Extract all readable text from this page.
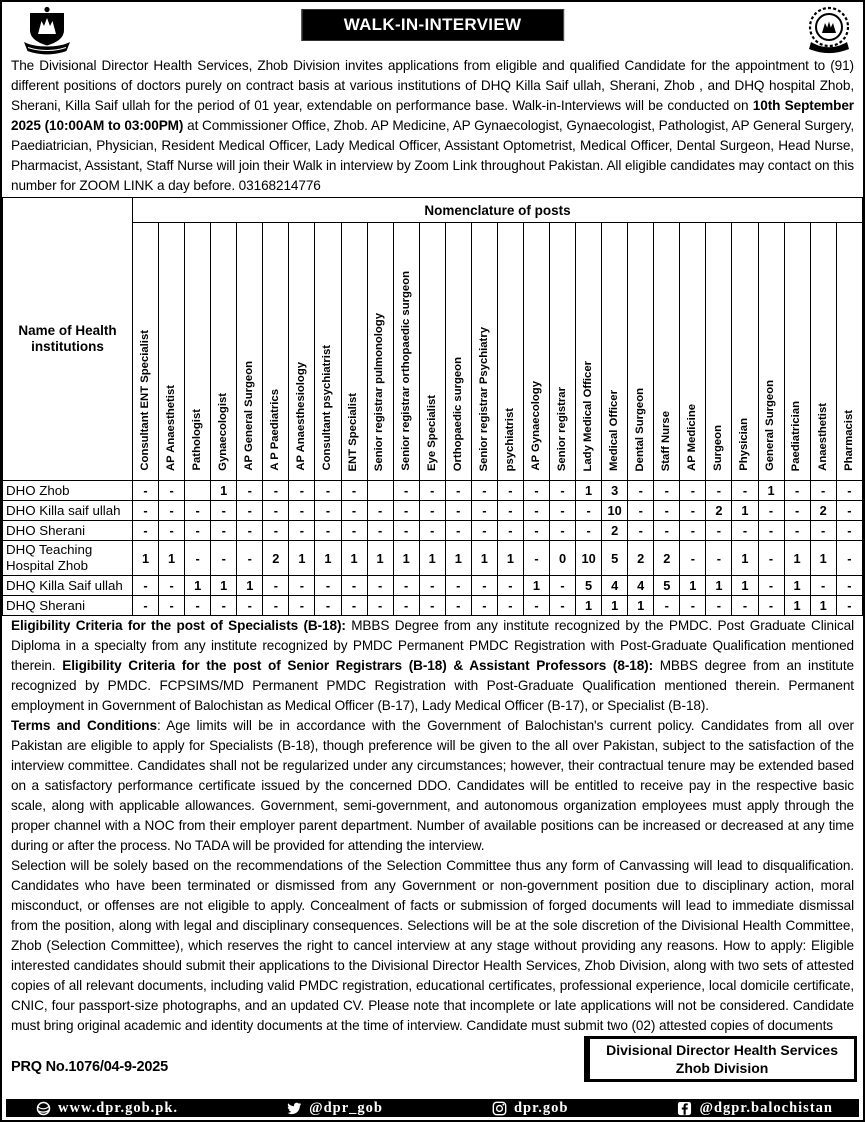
WALK-IN-INTERVIEW

The Divisional Director Health Services, Zhob Division invites applications from eligible and qualified Candidate for the appointment to (91) different positions of doctors purely on contract basis at various institutions of DHQ Killa Saif ullah, Sherani, Zhob , and DHQ hospital Zhob, Sherani, Killa Saif ullah for the period of 01 year, extendable on performance base. Walk-in-Interviews will be conducted on 10th September 2025 (10:00AM to 03:00PM) at Commissioner Office, Zhob. AP Medicine, AP Gynaecologist, Gynaecologist, Pathologist, AP General Surgery, Paediatrician, Physician, Resident Medical Officer, Lady Medical Officer, Assistant Optometrist, Medical Officer, Dental Surgeon, Head Nurse, Pharmacist, Assistant, Staff Nurse will join their Walk in interview by Zoom Link throughout Pakistan. All eligible candidates may contact on this number for ZOOM LINK a day before. 03168214776

Name of Health institutions	Nomenclature of posts																											
	Consultant ENT Specialist	AP Anaesthetist	Pathologist	Gynaecologist	AP General Surgeon	A P Paediatrics	AP Anaesthesiology	Consultant psychiatrist	ENT Specialist	Senior registrar pulmonology	Senior registrar orthopaedic surgeon	Eye Specialist	Orthopaedic surgeon	Senior registrar Psychiatry	psychiatrist	AP Gynaecology	Senior registrar	Lady Medical Officer	Medical Officer	Dental Surgeon	Staff Nurse	AP Medicine	Surgeon	Physician	General Surgeon	Paediatrician	Anaesthetist	Pharmacist
DHO Zhob	-	-		1	-	-	-	-	-		-	-	-	-	-	-	-	1	3	-	-	-	-	-	1	-	-	-
DHO Killa saif ullah	-	-	-	-	-	-	-	-	-	-	-	-	-	-	-	-	-	-	10	-	-	-	2	1	-	-	2	-
DHO Sherani	-	-	-	-	-	-	-	-	-	-	-	-	-	-	-	-	-	-	2	-	-	-	-	-	-	-	-	-
DHQ Teaching Hospital Zhob	1	1	-	-	-	2	1	1	1	1	1	1	1	1	1	-	0	10	5	2	2	-	-	1	-	1	1	-
DHQ Killa Saif ullah	-	-	1	1	1	-	-	-	-	-	-	-	-	-	-	1	-	5	4	4	5	1	1	1	-	1	-	-
DHQ Sherani	-	-	-	-	-	-	-	-	-	-	-	-	-	-	-	-	-	1	1	1	-	-	-	-	-	1	1	-
Eligibility Criteria for the post of Specialists (B-18): MBBS Degree from any institute recognized by the PMDC. Post Graduate Clinical Diploma in a specialty from any institute recognized by PMDC Permanent PMDC Registration with Post-Graduate Qualification mentioned therein. Eligibility Criteria for the post of Senior Registrars (B-18) & Assistant Professors (8-18): MBBS degree from an institute recognized by PMDC. FCPSIMS/MD Permanent PMDC Registration with Post-Graduate Qualification mentioned therein. Permanent employment in Government of Balochistan as Medical Officer (B-17), Lady Medical Officer (B-17), or Specialist (B-18).
Terms and Conditions: Age limits will be in accordance with the Government of Balochistan's current policy. Candidates from all over Pakistan are eligible to apply for Specialists (B-18), though preference will be given to the all over Pakistan, subject to the satisfaction of the interview committee. Candidates shall not be regularized under any circumstances; however, their contractual tenure may be extended based on a satisfactory performance certificate issued by the concerned DDO. Candidates will be entitled to receive pay in the respective basic scale, along with applicable allowances. Government, semi-government, and autonomous organization employees must apply through the proper channel with a NOC from their employer parent department. Number of available positions can be increased or decreased at any time during or after the process. No TADA will be provided for attending the interview.
Selection will be solely based on the recommendations of the Selection Committee thus any form of Canvassing will lead to disqualification. Candidates who have been terminated or dismissed from any Government or non-government position due to disciplinary action, moral misconduct, or offenses are not eligible to apply. Concealment of facts or submission of forged documents will lead to immediate dismissal from the position, along with legal and disciplinary consequences. Selections will be at the sole discretion of the Divisional Health Committee, Zhob (Selection Committee), which reserves the right to cancel interview at any stage without providing any reasons. How to apply: Eligible interested candidates should submit their applications to the Divisional Director Health Services, Zhob Division, along with two sets of attested copies of all relevant documents, including valid PMDC registration, educational certificates, professional experience, local domicile certificate, CNIC, four passport-size photographs, and an updated CV. Please note that incomplete or late applications will not be considered. Candidate must bring original academic and identity documents at the time of interview. Candidate must submit two (02) attested copies of documents
PRQ No.1076/04-9-2025
Divisional Director Health Services
Zhob Division
www.dpr.gob.pk.	@dpr_gob	dpr.gob	@dgpr.balochistan
